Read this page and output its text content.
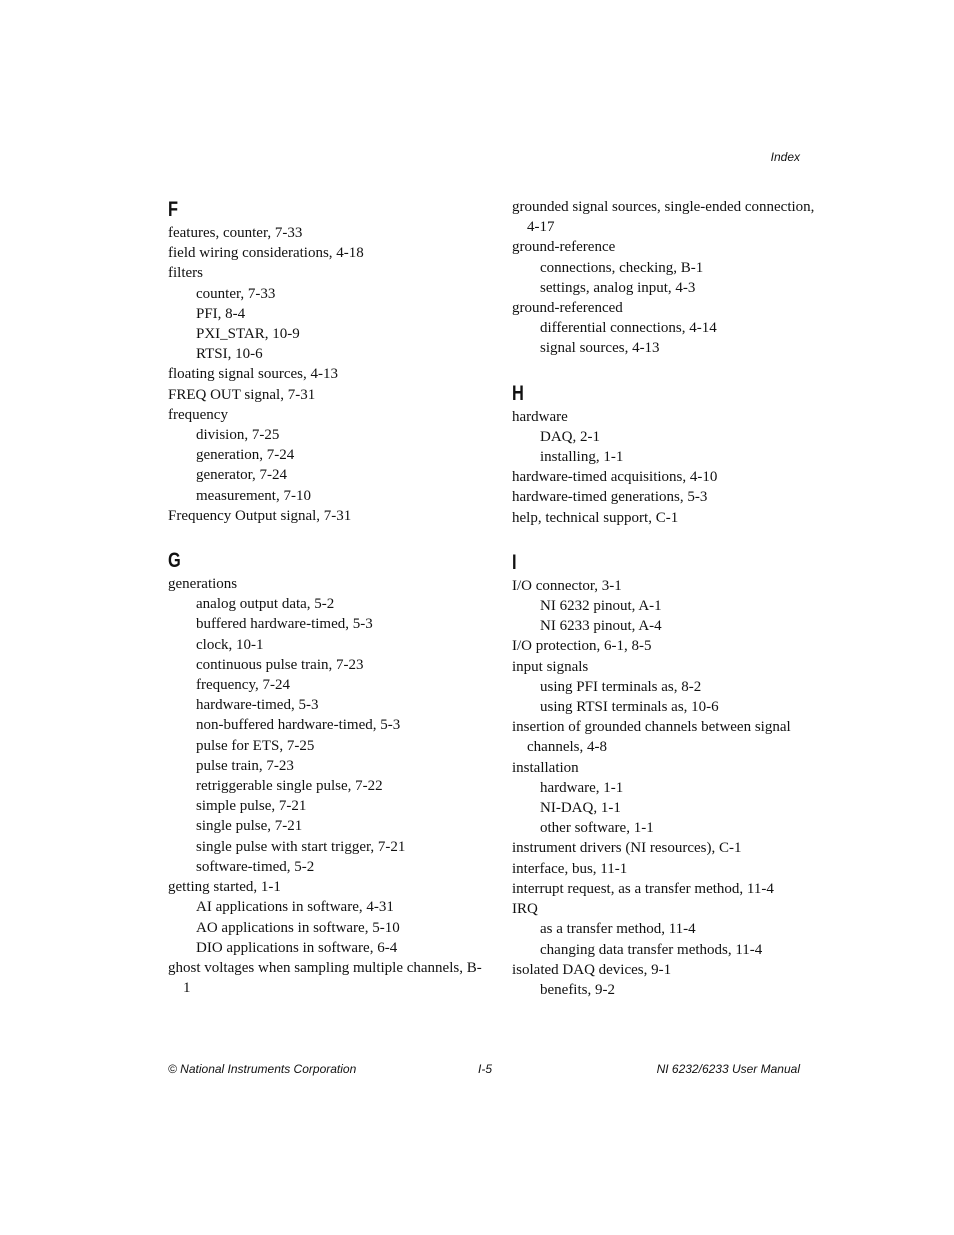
Index
F
features, counter, 7-33
field wiring considerations, 4-18
filters
counter, 7-33
PFI, 8-4
PXI_STAR, 10-9
RTSI, 10-6
floating signal sources, 4-13
FREQ OUT signal, 7-31
frequency
division, 7-25
generation, 7-24
generator, 7-24
measurement, 7-10
Frequency Output signal, 7-31
G
generations
analog output data, 5-2
buffered hardware-timed, 5-3
clock, 10-1
continuous pulse train, 7-23
frequency, 7-24
hardware-timed, 5-3
non-buffered hardware-timed, 5-3
pulse for ETS, 7-25
pulse train, 7-23
retriggerable single pulse, 7-22
simple pulse, 7-21
single pulse, 7-21
single pulse with start trigger, 7-21
software-timed, 5-2
getting started, 1-1
AI applications in software, 4-31
AO applications in software, 5-10
DIO applications in software, 6-4
ghost voltages when sampling multiple channels, B-1
grounded signal sources, single-ended connection, 4-17
ground-reference
connections, checking, B-1
settings, analog input, 4-3
ground-referenced
differential connections, 4-14
signal sources, 4-13
H
hardware
DAQ, 2-1
installing, 1-1
hardware-timed acquisitions, 4-10
hardware-timed generations, 5-3
help, technical support, C-1
I
I/O connector, 3-1
NI 6232 pinout, A-1
NI 6233 pinout, A-4
I/O protection, 6-1, 8-5
input signals
using PFI terminals as, 8-2
using RTSI terminals as, 10-6
insertion of grounded channels between signal channels, 4-8
installation
hardware, 1-1
NI-DAQ, 1-1
other software, 1-1
instrument drivers (NI resources), C-1
interface, bus, 11-1
interrupt request, as a transfer method, 11-4
IRQ
as a transfer method, 11-4
changing data transfer methods, 11-4
isolated DAQ devices, 9-1
benefits, 9-2
© National Instruments Corporation	I-5	NI 6232/6233 User Manual
